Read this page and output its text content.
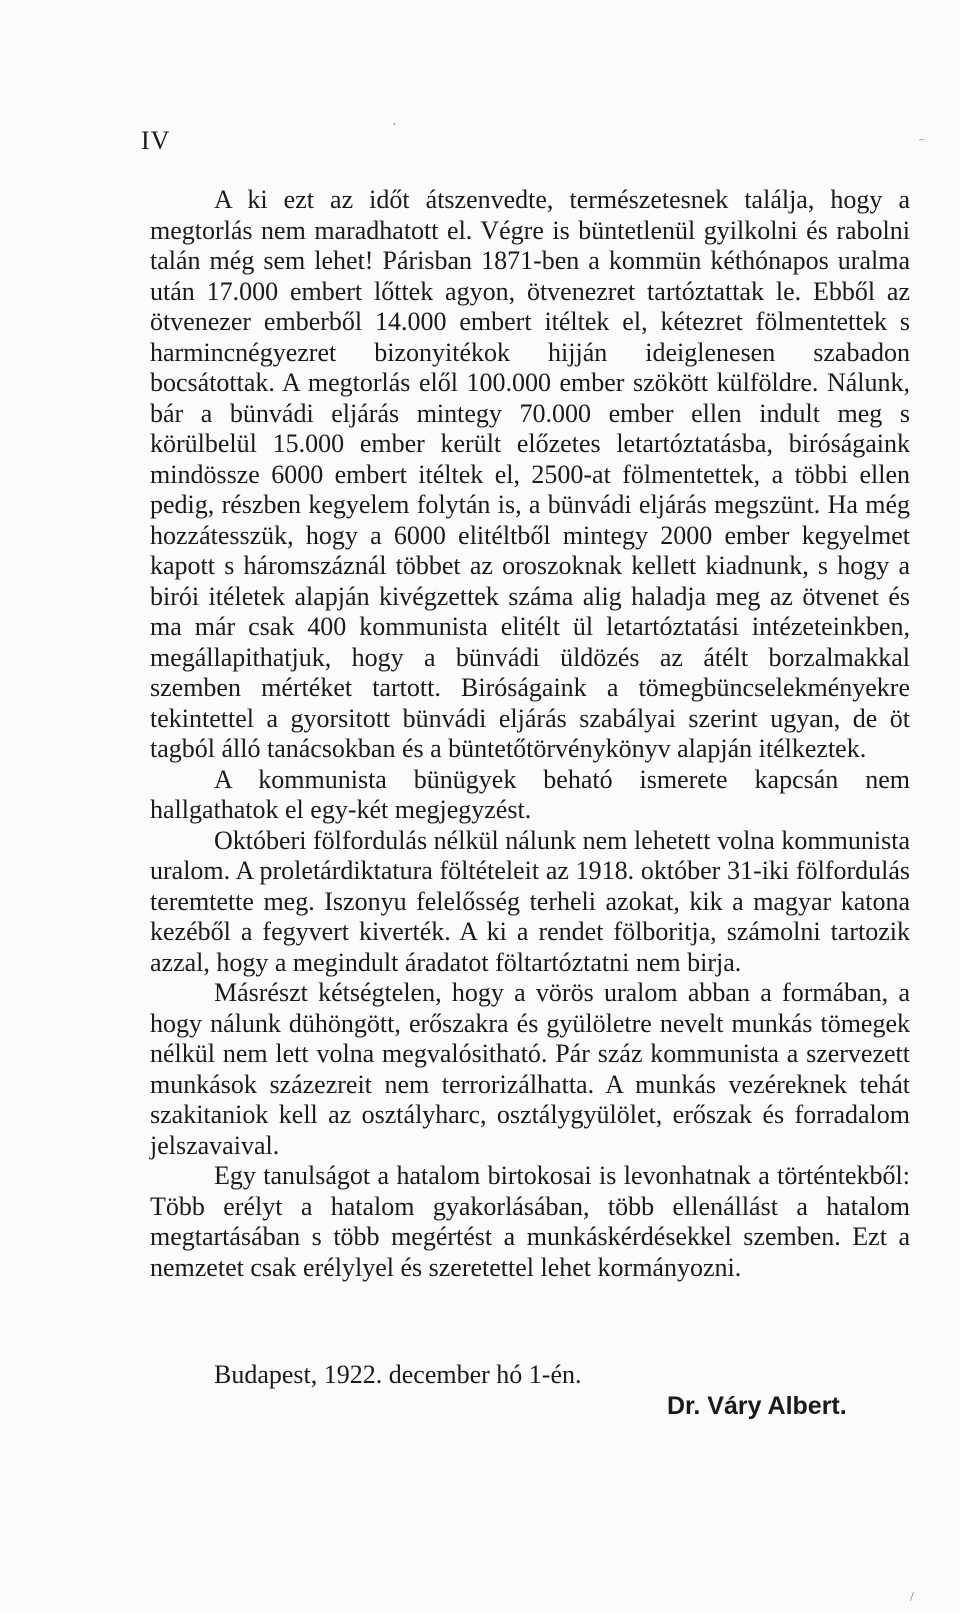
IV

A ki ezt az időt átszenvedte, természetesnek találja, hogy a megtorlás nem maradhatott el. Végre is büntetlenül gyilkolni és rabolni talán még sem lehet! Párisban 1871-ben a kommün kéthónapos uralma után 17.000 embert lőttek agyon, ötvenezret tartóztattak le. Ebből az ötvenezer emberből 14.000 embert itéltek el, kétezret fölmentettek s harmincnégyezret bizonyitékok hijján ideiglenesen szabadon bocsátottak. A megtorlás elől 100.000 ember szökött külföldre. Nálunk, bár a bünvádi eljárás mintegy 70.000 ember ellen indult meg s körülbelül 15.000 ember került előzetes letartóztatásba, biróságaink mindössze 6000 embert itéltek el, 2500-at fölmentettek, a többi ellen pedig, részben kegyelem folytán is, a bünvádi eljárás megszünt. Ha még hozzátesszük, hogy a 6000 elitéltből mintegy 2000 ember kegyelmet kapott s háromszáznál többet az oroszoknak kellett kiadnunk, s hogy a birói itéletek alapján kivégzettek száma alig haladja meg az ötvenet és ma már csak 400 kommunista elitélt ül letartóztatási intézeteinkben, megállapithatjuk, hogy a bünvádi üldözés az átélt borzalmakkal szemben mértéket tartott. Biróságaink a tömegbüncselekményekre tekintettel a gyorsitott bünvádi eljárás szabályai szerint ugyan, de öt tagból álló tanácsokban és a büntetőtörvénykönyv alapján itélkeztek.

A kommunista bünügyek beható ismerete kapcsán nem hallgathatok el egy-két megjegyzést.

Októberi fölfordulás nélkül nálunk nem lehetett volna kommunista uralom. A proletárdiktatura föltételeit az 1918. október 31-iki fölfordulás teremtette meg. Iszonyu felelősség terheli azokat, kik a magyar katona kezéből a fegyvert kiverték. A ki a rendet fölboritja, számolni tartozik azzal, hogy a megindult áradatot föltartóztatni nem birja.

Másrészt kétségtelen, hogy a vörös uralom abban a formában, a hogy nálunk dühöngött, erőszakra és gyülöletre nevelt munkás tömegek nélkül nem lett volna megvalósitható. Pár száz kommunista a szervezett munkások százezreit nem terrorizálhatta. A munkás vezéreknek tehát szakitaniok kell az osztályharc, osztálygyülölet, erőszak és forradalom jelszavaival.

Egy tanulságot a hatalom birtokosai is levonhatnak a történtekből: Több erélyt a hatalom gyakorlásában, több ellenállást a hatalom megtartásában s több megértést a munkáskérdésekkel szemben. Ezt a nemzetet csak erélylyel és szeretettel lehet kormányozni.

Budapest, 1922. december hó 1-én.
Dr. Váry Albert.
·
⁻
/
